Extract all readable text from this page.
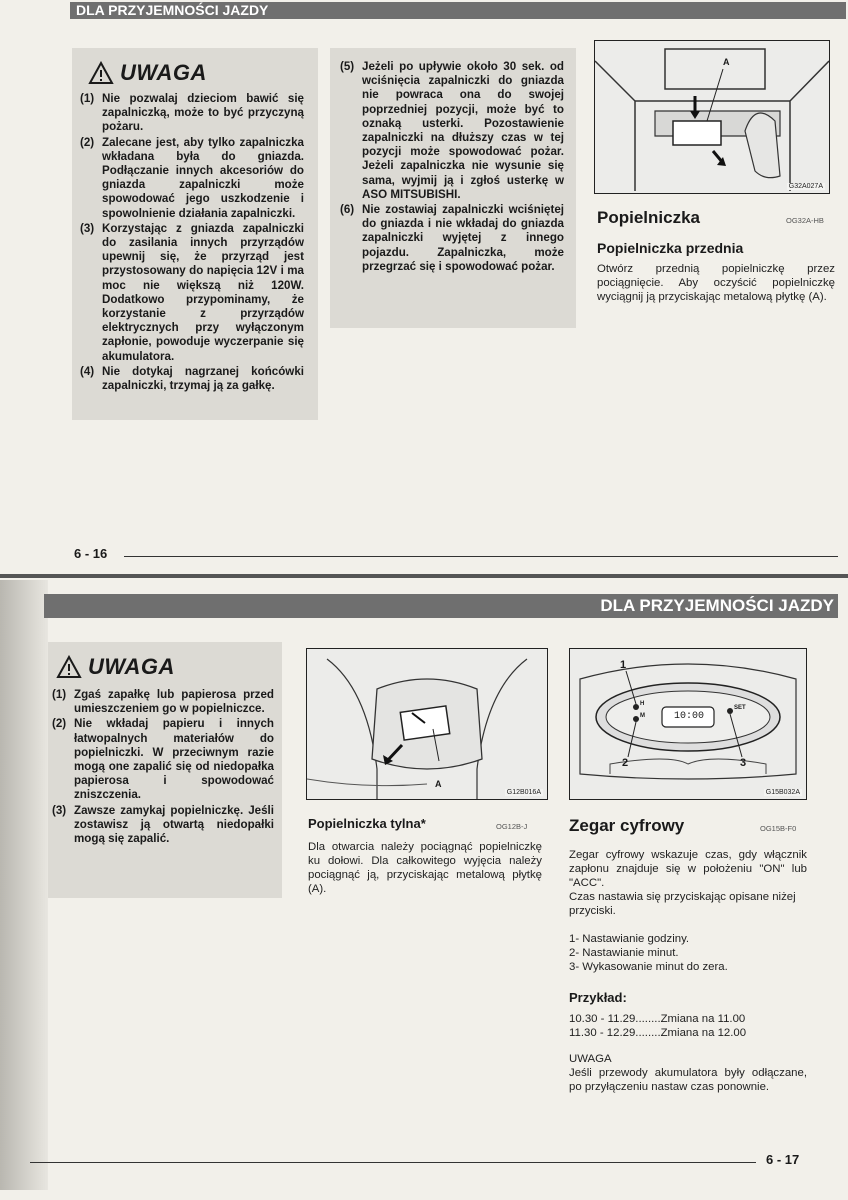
DLA PRZYJEMNOŚCI JAZDY
UWAGA
(1) Nie pozwalaj dzieciom bawić się zapalniczką, może to być przyczyną pożaru.
(2) Zalecane jest, aby tylko zapalniczka wkładana była do gniazda. Podłączanie innych akcesoriów do gniazda zapalniczki może spowodować jego uszkodzenie i spowolnienie działania zapalniczki.
(3) Korzystając z gniazda zapalniczki do zasilania innych przyrządów upewnij się, że przyrząd jest przystosowany do napięcia 12V i ma moc nie większą niż 120W. Dodatkowo przypominamy, że korzystanie z przyrządów elektrycznych przy wyłączonym zapłonie, powoduje wyczerpanie się akumulatora.
(4) Nie dotykaj nagrzanej końcówki zapalniczki, trzymaj ją za gałkę.
(5) Jeżeli po upływie około 30 sek. od wciśnięcia zapalniczki do gniazda nie powraca ona do swojej poprzedniej pozycji, może być to oznaką usterki. Pozostawienie zapalniczki na dłuższy czas w tej pozycji może spowodować pożar. Jeżeli zapalniczka nie wysunie się sama, wyjmij ją i zgłoś usterkę w ASO MITSUBISHI.
(6) Nie zostawiaj zapalniczki wciśniętej do gniazda i nie wkładaj do gniazda zapalniczki wyjętej z innego pojazdu. Zapalniczka, może przegrzać się i spowodować pożar.
A
G32A027A
Popielniczka	OG32A-HB
Popielniczka przednia
Otwórz przednią popielniczkę przez pociągnięcie. Aby oczyścić popielniczkę wyciągnij ją przyciskając metalową płytkę (A).
6 - 16
DLA PRZYJEMNOŚCI JAZDY
UWAGA
(1) Zgaś zapałkę lub papierosa przed umieszczeniem go w popielniczce.
(2) Nie wkładaj papieru i innych łatwopalnych materiałów do popielniczki. W przeciwnym razie mogą one zapalić się od niedopałka papierosa i spowodować zniszczenia.
(3) Zawsze zamykaj popielniczkę. Jeśli zostawisz ją otwartą niedopałki mogą się zapalić.
A
G12B016A
1
H
M	10:00
SET
2	3
G15B032A
Popielniczka tylna*	OG12B-J
Dla otwarcia należy pociągnąć popielniczkę ku dołowi. Dla całkowitego wyjęcia należy pociągnąć ją, przyciskając metalową płytkę (A).
Zegar cyfrowy	OG15B-F0
Zegar cyfrowy wskazuje czas, gdy włącznik zapłonu znajduje się w położeniu "ON" lub "ACC".
Czas nastawia się przyciskając opisane niżej przyciski.
1- Nastawianie godziny.
2- Nastawianie minut.
3- Wykasowanie minut do zera.
Przykład:
10.30 - 11.29........Zmiana na 11.00
11.30 - 12.29........Zmiana na 12.00
UWAGA
Jeśli przewody akumulatora były odłączane, po przyłączeniu nastaw czas ponownie.
6 - 17
